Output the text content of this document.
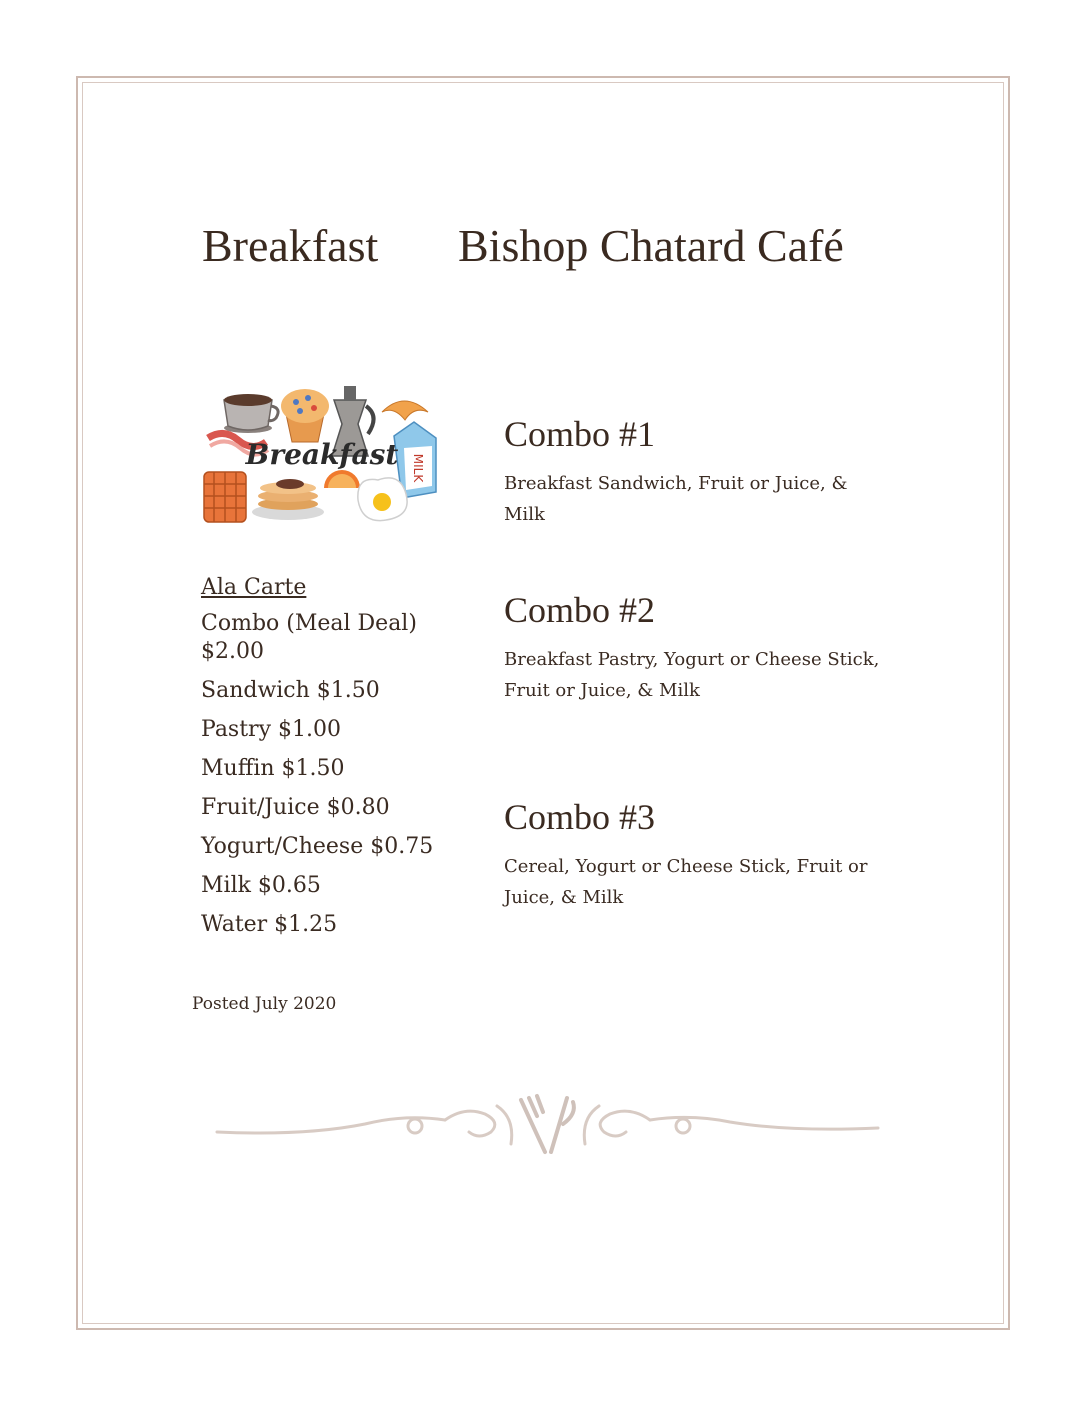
Breakfast Bishop Chatard Café
MILK
Breakfast
Ala Carte
Combo (Meal Deal) $2.00
Sandwich $1.50
Pastry $1.00
Muffin $1.50
Fruit/Juice $0.80
Yogurt/Cheese $0.75
Milk $0.65
Water $1.25
Posted July 2020
Combo #1
Breakfast Sandwich, Fruit or Juice, & Milk
Combo #2
Breakfast Pastry, Yogurt or Cheese Stick, Fruit or Juice, & Milk
Combo #3
Cereal, Yogurt or Cheese Stick, Fruit or Juice, & Milk
